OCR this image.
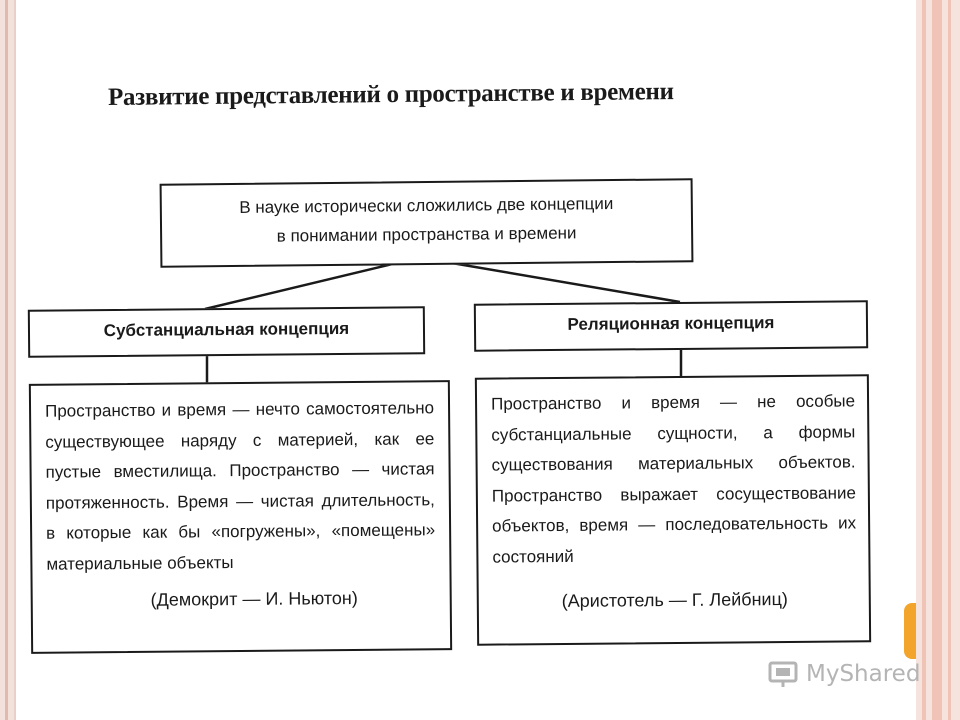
Развитие представлений о пространстве и времени
В науке исторически сложились две концепции
в понимании пространства и времени
Субстанциальная концепция	Реляционная концепция
Пространство и время — нечто самостоятельно существующее наряду с материей, как ее пустые вместилища. Пространство — чистая протяженность. Время — чистая длительность, в которые как бы «погружены», «помещены» материальные объекты
(Демокрит — И. Ньютон)
Пространство и время — не особые субстанциальные сущности, а формы существования материальных объектов. Пространство выражает сосуществование объектов, время — последовательность их состояний
(Аристотель — Г. Лейбниц)
MyShared
